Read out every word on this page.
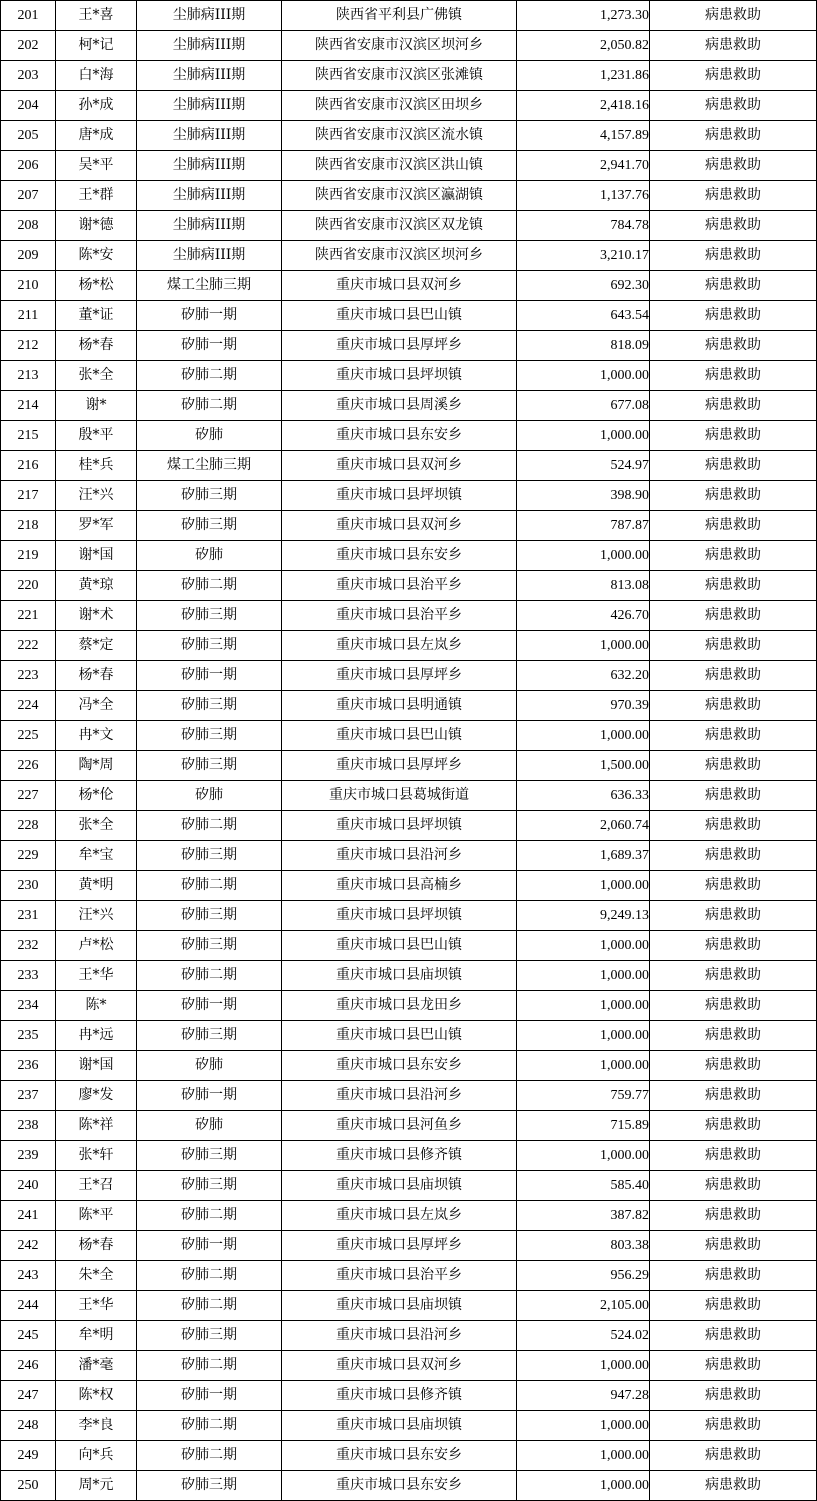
201	王*喜	尘肺病III期	陕西省平利县广佛镇	1,273.30	病患救助
202	柯*记	尘肺病III期	陕西省安康市汉滨区坝河乡	2,050.82	病患救助
203	白*海	尘肺病III期	陕西省安康市汉滨区张滩镇	1,231.86	病患救助
204	孙*成	尘肺病III期	陕西省安康市汉滨区田坝乡	2,418.16	病患救助
205	唐*成	尘肺病III期	陕西省安康市汉滨区流水镇	4,157.89	病患救助
206	吴*平	尘肺病III期	陕西省安康市汉滨区洪山镇	2,941.70	病患救助
207	王*群	尘肺病III期	陕西省安康市汉滨区瀛湖镇	1,137.76	病患救助
208	谢*德	尘肺病III期	陕西省安康市汉滨区双龙镇	784.78	病患救助
209	陈*安	尘肺病III期	陕西省安康市汉滨区坝河乡	3,210.17	病患救助
210	杨*松	煤工尘肺三期	重庆市城口县双河乡	692.30	病患救助
211	董*证	矽肺一期	重庆市城口县巴山镇	643.54	病患救助
212	杨*春	矽肺一期	重庆市城口县厚坪乡	818.09	病患救助
213	张*全	矽肺二期	重庆市城口县坪坝镇	1,000.00	病患救助
214	谢*	矽肺二期	重庆市城口县周溪乡	677.08	病患救助
215	殷*平	矽肺	重庆市城口县东安乡	1,000.00	病患救助
216	桂*兵	煤工尘肺三期	重庆市城口县双河乡	524.97	病患救助
217	汪*兴	矽肺三期	重庆市城口县坪坝镇	398.90	病患救助
218	罗*军	矽肺三期	重庆市城口县双河乡	787.87	病患救助
219	谢*国	矽肺	重庆市城口县东安乡	1,000.00	病患救助
220	黄*琼	矽肺二期	重庆市城口县治平乡	813.08	病患救助
221	谢*术	矽肺三期	重庆市城口县治平乡	426.70	病患救助
222	蔡*定	矽肺三期	重庆市城口县左岚乡	1,000.00	病患救助
223	杨*春	矽肺一期	重庆市城口县厚坪乡	632.20	病患救助
224	冯*全	矽肺三期	重庆市城口县明通镇	970.39	病患救助
225	冉*文	矽肺三期	重庆市城口县巴山镇	1,000.00	病患救助
226	陶*周	矽肺三期	重庆市城口县厚坪乡	1,500.00	病患救助
227	杨*伦	矽肺	重庆市城口县葛城街道	636.33	病患救助
228	张*全	矽肺二期	重庆市城口县坪坝镇	2,060.74	病患救助
229	牟*宝	矽肺三期	重庆市城口县沿河乡	1,689.37	病患救助
230	黄*明	矽肺二期	重庆市城口县高楠乡	1,000.00	病患救助
231	汪*兴	矽肺三期	重庆市城口县坪坝镇	9,249.13	病患救助
232	卢*松	矽肺三期	重庆市城口县巴山镇	1,000.00	病患救助
233	王*华	矽肺二期	重庆市城口县庙坝镇	1,000.00	病患救助
234	陈*	矽肺一期	重庆市城口县龙田乡	1,000.00	病患救助
235	冉*远	矽肺三期	重庆市城口县巴山镇	1,000.00	病患救助
236	谢*国	矽肺	重庆市城口县东安乡	1,000.00	病患救助
237	廖*发	矽肺一期	重庆市城口县沿河乡	759.77	病患救助
238	陈*祥	矽肺	重庆市城口县河鱼乡	715.89	病患救助
239	张*轩	矽肺三期	重庆市城口县修齐镇	1,000.00	病患救助
240	王*召	矽肺三期	重庆市城口县庙坝镇	585.40	病患救助
241	陈*平	矽肺二期	重庆市城口县左岚乡	387.82	病患救助
242	杨*春	矽肺一期	重庆市城口县厚坪乡	803.38	病患救助
243	朱*全	矽肺二期	重庆市城口县治平乡	956.29	病患救助
244	王*华	矽肺二期	重庆市城口县庙坝镇	2,105.00	病患救助
245	牟*明	矽肺三期	重庆市城口县沿河乡	524.02	病患救助
246	潘*毫	矽肺二期	重庆市城口县双河乡	1,000.00	病患救助
247	陈*权	矽肺一期	重庆市城口县修齐镇	947.28	病患救助
248	李*良	矽肺二期	重庆市城口县庙坝镇	1,000.00	病患救助
249	向*兵	矽肺二期	重庆市城口县东安乡	1,000.00	病患救助
250	周*元	矽肺三期	重庆市城口县东安乡	1,000.00	病患救助
